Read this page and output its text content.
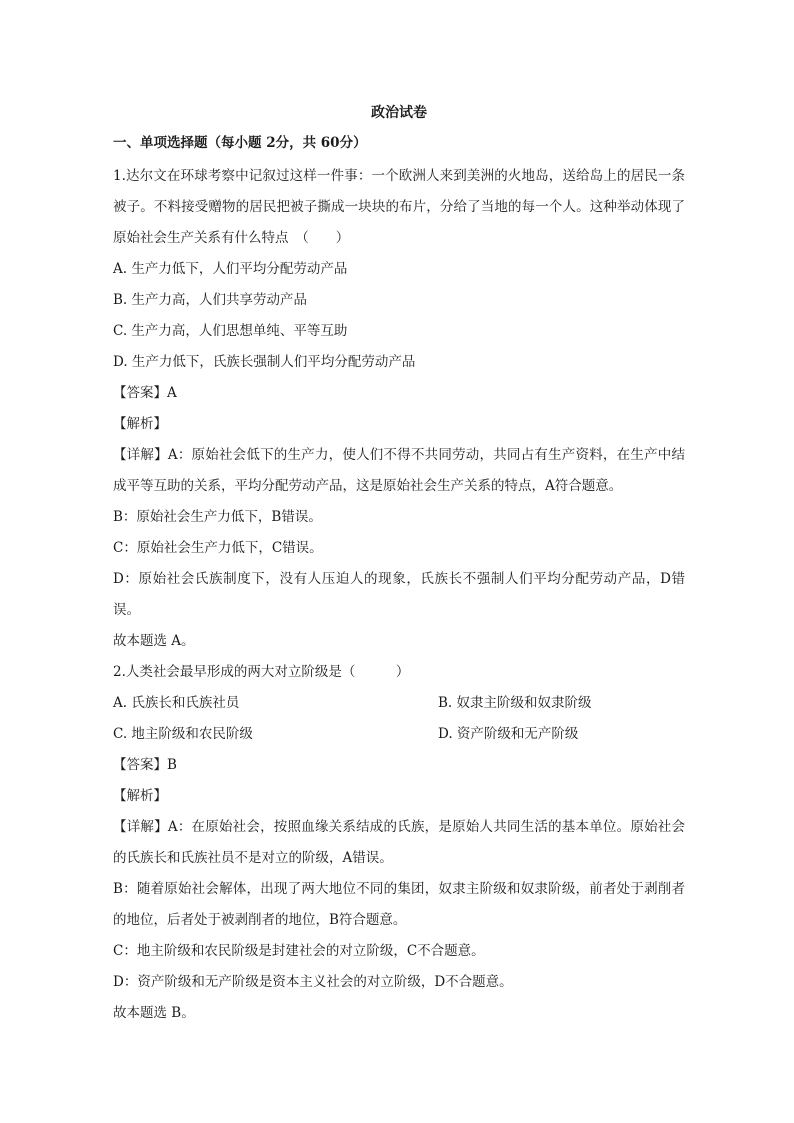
政治试卷
一、单项选择题（每小题 2分，共 60分）
1.达尔文在环球考察中记叙过这样一件事：一个欧洲人来到美洲的火地岛，送给岛上的居民一条被子。不料接受赠物的居民把被子撕成一块块的布片，分给了当地的每一个人。这种举动体现了原始社会生产关系有什么特点　（　　）
A. 生产力低下，人们平均分配劳动产品
B. 生产力高，人们共享劳动产品
C. 生产力高，人们思想单纯、平等互助
D. 生产力低下，氏族长强制人们平均分配劳动产品
【答案】A
【解析】
【详解】A：原始社会低下的生产力，使人们不得不共同劳动，共同占有生产资料，在生产中结成平等互助的关系，平均分配劳动产品，这是原始社会生产关系的特点，A符合题意。
B：原始社会生产力低下，B错误。
C：原始社会生产力低下，C错误。
D：原始社会氏族制度下，没有人压迫人的现象，氏族长不强制人们平均分配劳动产品，D错误。
故本题选 A。
2.人类社会最早形成的两大对立阶级是（　　　）
A. 氏族长和氏族社员	B. 奴隶主阶级和奴隶阶级
C. 地主阶级和农民阶级	D. 资产阶级和无产阶级
【答案】B
【解析】
【详解】A：在原始社会，按照血缘关系结成的氏族，是原始人共同生活的基本单位。原始社会的氏族长和氏族社员不是对立的阶级，A错误。
B：随着原始社会解体，出现了两大地位不同的集团，奴隶主阶级和奴隶阶级，前者处于剥削者的地位，后者处于被剥削者的地位，B符合题意。
C：地主阶级和农民阶级是封建社会的对立阶级，C不合题意。
D：资产阶级和无产阶级是资本主义社会的对立阶级，D不合题意。
故本题选 B。
